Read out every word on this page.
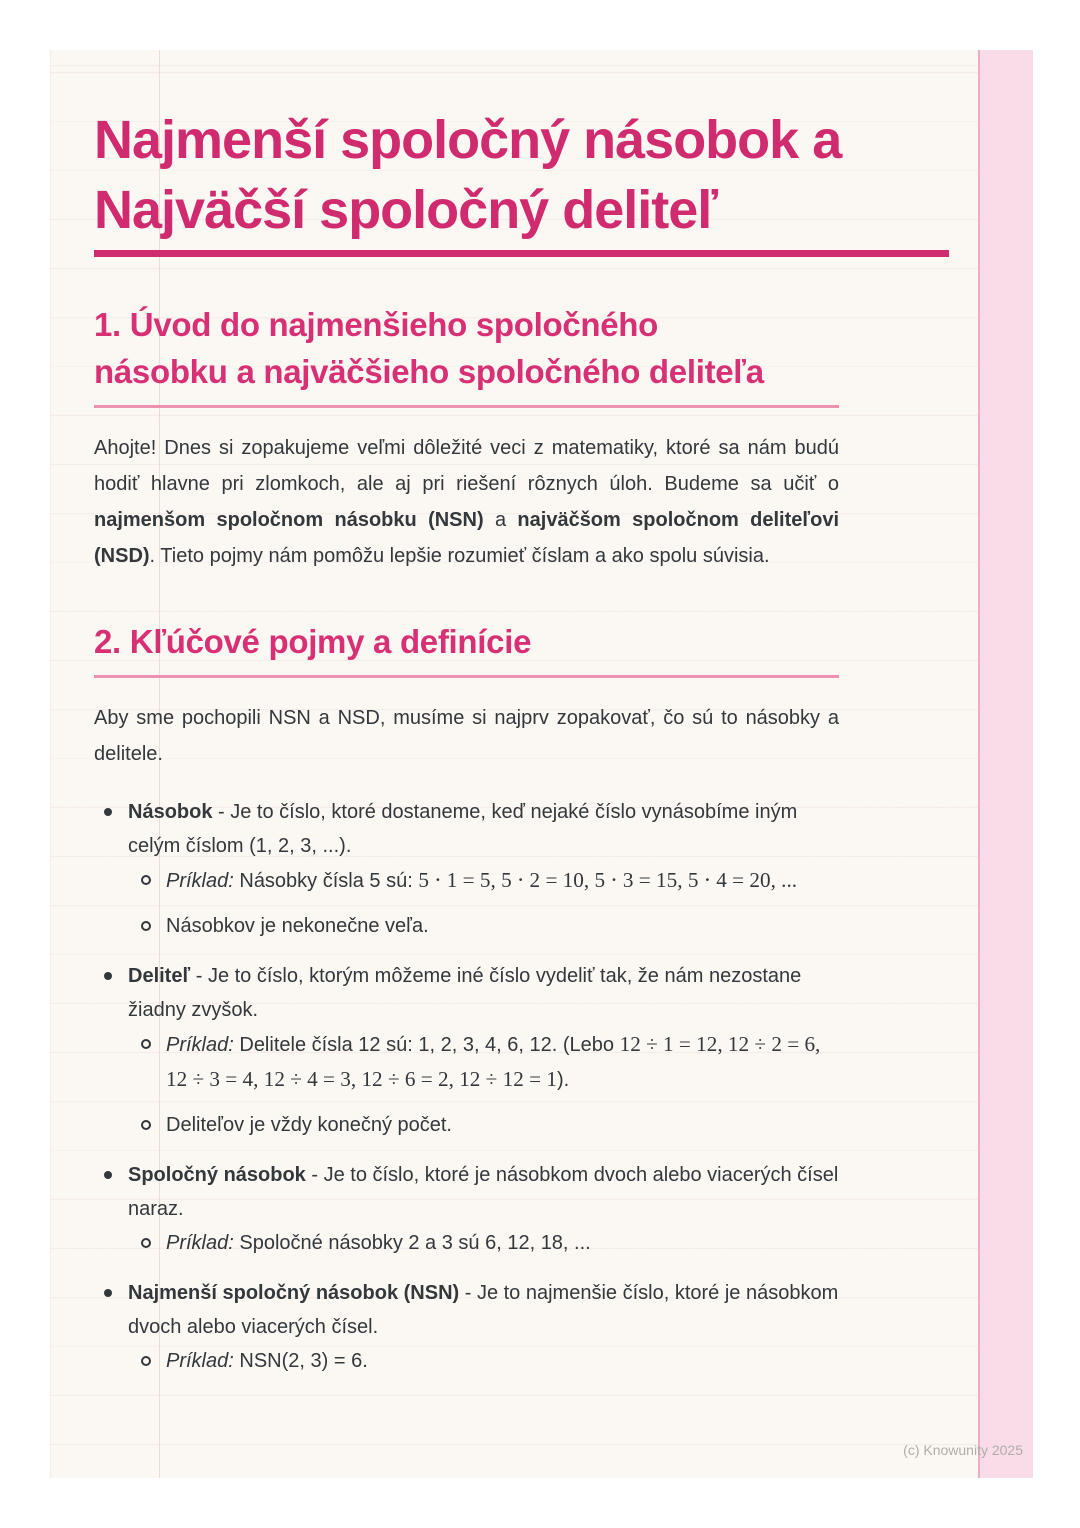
Najmenší spoločný násobok a
Najväčší spoločný deliteľ
1. Úvod do najmenšieho spoločného násobku a najväčšieho spoločného deliteľa

Ahojte! Dnes si zopakujeme veľmi dôležité veci z matematiky, ktoré sa nám budú hodiť hlavne pri zlomkoch, ale aj pri riešení rôznych úloh. Budeme sa učiť o najmenšom spoločnom násobku (NSN) a najväčšom spoločnom deliteľovi (NSD). Tieto pojmy nám pomôžu lepšie rozumieť číslam a ako spolu súvisia.

2. Kľúčové pojmy a definície

Aby sme pochopili NSN a NSD, musíme si najprv zopakovať, čo sú to násobky a delitele.

Násobok - Je to číslo, ktoré dostaneme, keď nejaké číslo vynásobíme iným celým číslom (1, 2, 3, ...).
Príklad: Násobky čísla 5 sú: 5 ⋅ 1 = 5, 5 ⋅ 2 = 10, 5 ⋅ 3 = 15, 5 ⋅ 4 = 20, ...
Násobkov je nekonečne veľa.
Deliteľ - Je to číslo, ktorým môžeme iné číslo vydeliť tak, že nám nezostane žiadny zvyšok.
Príklad: Delitele čísla 12 sú: 1, 2, 3, 4, 6, 12. (Lebo 12 ÷ 1 = 12, 12 ÷ 2 = 6, 12 ÷ 3 = 4, 12 ÷ 4 = 3, 12 ÷ 6 = 2, 12 ÷ 12 = 1).
Deliteľov je vždy konečný počet.
Spoločný násobok - Je to číslo, ktoré je násobkom dvoch alebo viacerých čísel naraz.
Príklad: Spoločné násobky 2 a 3 sú 6, 12, 18, ...
Najmenší spoločný násobok (NSN) - Je to najmenšie číslo, ktoré je násobkom dvoch alebo viacerých čísel.
Príklad: NSN(2, 3) = 6.
(c) Knowunity 2025
